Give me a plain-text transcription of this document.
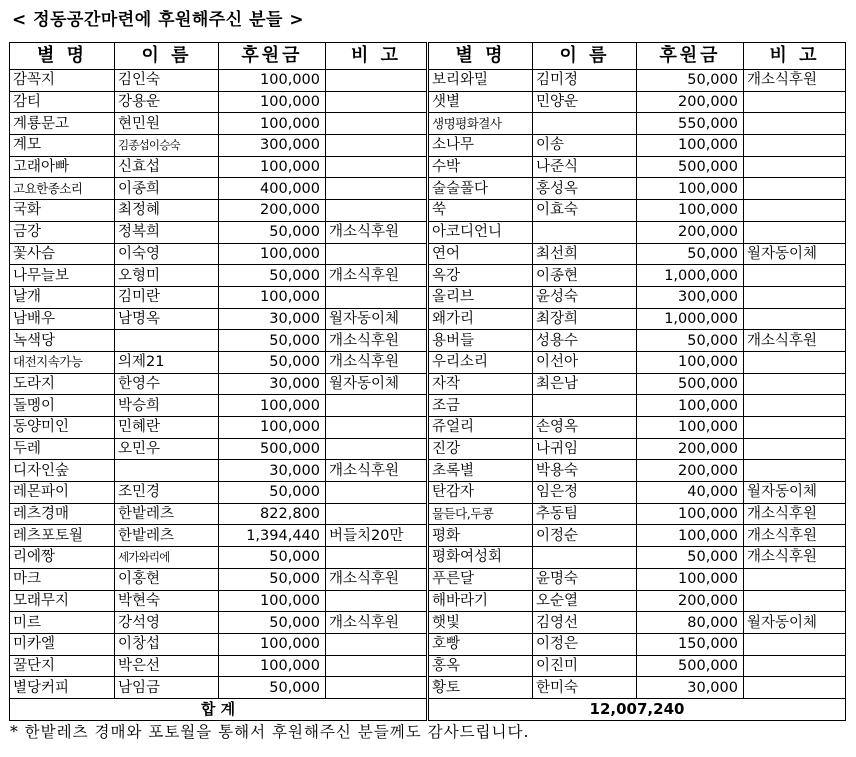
< 정동공간마련에 후원해주신 분들 >
별 명	이 름	후원금	비 고	별 명	이 름	후원금	비 고
감꼭지	김인숙	100,000		보리와밀	김미정	50,000	개소식후원
감티	강용운	100,000		샛별	민양운	200,000	
계룡문고	현민원	100,000		생명평화결사		550,000	
계모	김종섭이승숙	300,000		소나무	이송	100,000	
고래아빠	신효섭	100,000		수박	나준식	500,000	
고요한종소리	이종희	400,000		술술풀다	홍성옥	100,000	
국화	최정혜	200,000		쑥	이효숙	100,000	
금강	정복희	50,000	개소식후원	아코디언니		200,000	
꽃사슴	이숙영	100,000		연어	최선희	50,000	월자동이체
나무늘보	오형미	50,000	개소식후원	옥강	이종현	1,000,000	
날개	김미란	100,000		올리브	윤성숙	300,000	
남배우	남명옥	30,000	월자동이체	왜가리	최장희	1,000,000	
녹색당		50,000	개소식후원	용버들	성용수	50,000	개소식후원
대전지속가능	의제21	50,000	개소식후원	우리소리	이선아	100,000	
도라지	한영수	30,000	월자동이체	자작	최은남	500,000	
돌멩이	박승희	100,000		조금		100,000	
동양미인	민혜란	100,000		쥬얼리	손영옥	100,000	
두레	오민우	500,000		진강	나귀임	200,000	
디자인숲		30,000	개소식후원	초록별	박용숙	200,000	
레몬파이	조민경	50,000		탄감자	임은정	40,000	월자동이체
레츠경매	한밭레츠	822,800		물듣다,두콩	추동팀	100,000	개소식후원
레츠포토월	한밭레츠	1,394,440	버들치20만	평화	이정순	100,000	개소식후원
리에짱	세가와리에	50,000		평화여성회		50,000	개소식후원
마크	이홍현	50,000	개소식후원	푸른달	윤명숙	100,000	
모래무지	박현숙	100,000		해바라기	오순열	200,000	
미르	강석영	50,000	개소식후원	햇빛	김영선	80,000	월자동이체
미카엘	이창섭	100,000		호빵	이정은	150,000	
꿀단지	박은선	100,000		홍옥	이진미	500,000	
별당커피	남임금	50,000		황토	한미숙	30,000	
합 계				12,007,240			
* 한밭레츠 경매와 포토월을 통해서 후원해주신 분들께도 감사드립니다.
